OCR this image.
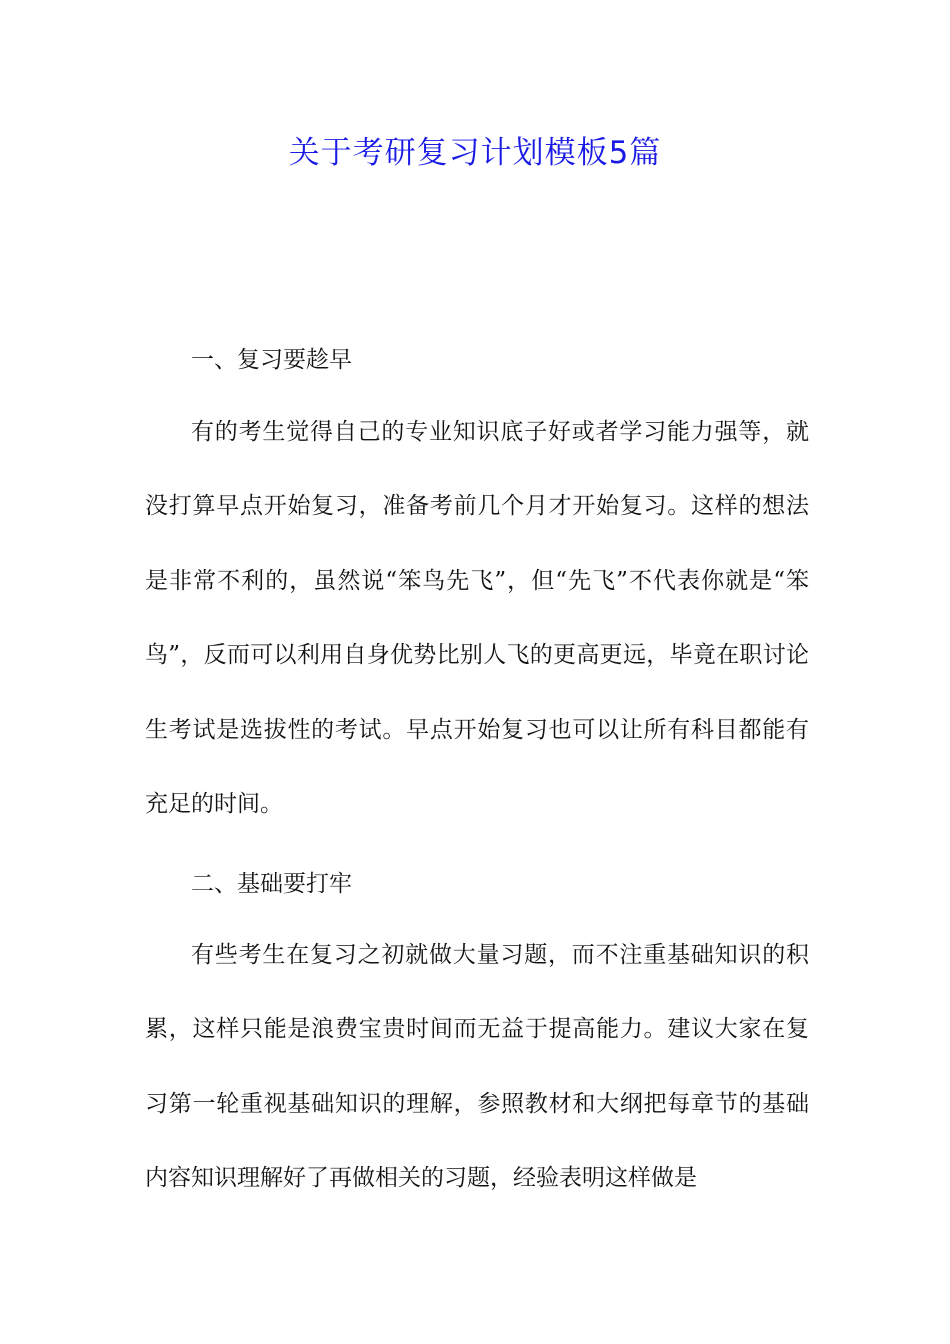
关于考研复习计划模板5篇

一、复习要趁早

有的考生觉得自己的专业知识底子好或者学习能力强等，就没打算早点开始复习，准备考前几个月才开始复习。这样的想法是非常不利的，虽然说“笨鸟先飞”，但“先飞”不代表你就是“笨鸟”，反而可以利用自身优势比别人飞的更高更远，毕竟在职讨论生考试是选拔性的考试。早点开始复习也可以让所有科目都能有充足的时间。

二、基础要打牢

有些考生在复习之初就做大量习题，而不注重基础知识的积累，这样只能是浪费宝贵时间而无益于提高能力。建议大家在复习第一轮重视基础知识的理解，参照教材和大纲把每章节的基础内容知识理解好了再做相关的习题，经验表明这样做是
